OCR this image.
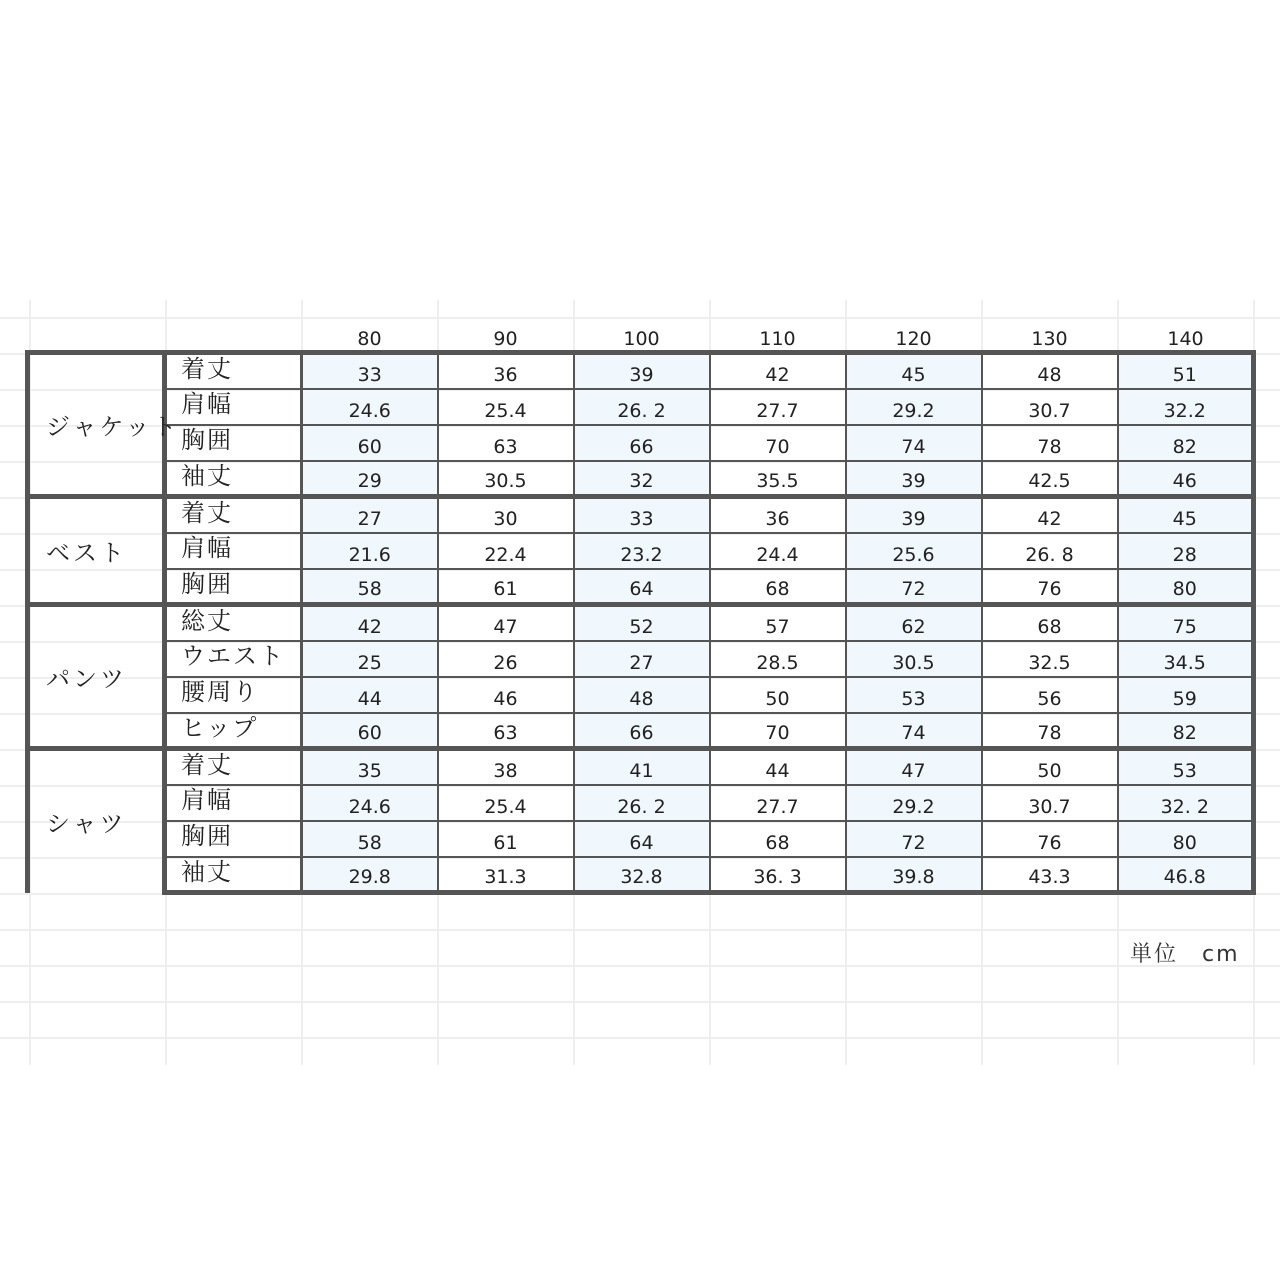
		80	90	100	110	120	130	140

ジャケット	着丈	33	36	39	42	45	48	51
	肩幅	24.6	25.4	26. 2	27.7	29.2	30.7	32.2
	胸囲	60	63	66	70	74	78	82
	袖丈	29	30.5	32	35.5	39	42.5	46
ベスト	着丈	27	30	33	36	39	42	45
	肩幅	21.6	22.4	23.2	24.4	25.6	26. 8	28
	胸囲	58	61	64	68	72	76	80
パンツ	総丈	42	47	52	57	62	68	75
	ウエスト	25	26	27	28.5	30.5	32.5	34.5
	腰周り	44	46	48	50	53	56	59
	ヒップ	60	63	66	70	74	78	82
シャツ	着丈	35	38	41	44	47	50	53
	肩幅	24.6	25.4	26. 2	27.7	29.2	30.7	32. 2
	胸囲	58	61	64	68	72	76	80
	袖丈	29.8	31.3	32.8	36. 3	39.8	43.3	46.8
単位　cm
